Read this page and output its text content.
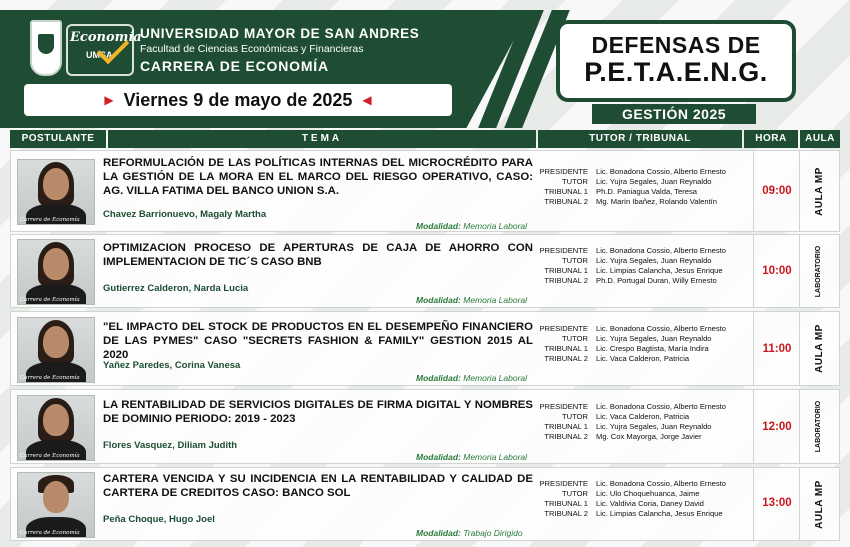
Economía
UMSA
UNIVERSIDAD MAYOR DE SAN ANDRES
Facultad de Ciencias Económicas y Financieras
CARRERA DE ECONOMÍA
▶ Viernes 9 de mayo de 2025 ◀
DEFENSAS DE
P.E.T.A.E.N.G.
GESTIÓN 2025
POSTULANTE	TEMA	TUTOR / TRIBUNAL	HORA	AULA
Carrera de Economía
REFORMULACIÓN DE LAS POLÍTICAS INTERNAS DEL MICROCRÉDITO PARA LA GESTIÓN DE LA MORA EN EL MARCO DEL RIESGO OPERATIVO, CASO: AG. VILLA FATIMA DEL BANCO UNION S.A.
Chavez Barrionuevo, Magaly Martha
Modalidad: Memoria Laboral
PRESIDENTE	Lic. Bonadona Cossio, Alberto Ernesto
TUTOR	Lic. Yujra Segales, Juan Reynaldo
TRIBUNAL 1	Ph.D. Paniagua Valda, Teresa
TRIBUNAL 2	Mg. Marín Ibañez, Rolando Valentín
09:00	AULA MP
Carrera de Economía
OPTIMIZACION PROCESO DE APERTURAS DE CAJA DE AHORRO CON IMPLEMENTACION DE TIC´S CASO BNB
Gutierrez Calderon, Narda Lucia
Modalidad: Memoria Laboral
PRESIDENTE	Lic. Bonadona Cossio, Alberto Ernesto
TUTOR	Lic. Yujra Segales, Juan Reynaldo
TRIBUNAL 1	Lic. Limpias Calancha, Jesus Enrique
TRIBUNAL 2	Ph.D. Portugal Duran, Willy Ernesto
10:00	LABORATORIO
Carrera de Economía
"EL IMPACTO DEL STOCK DE PRODUCTOS EN EL DESEMPEÑO FINANCIERO DE LAS PYMES" CASO "SECRETS FASHION & FAMILY" GESTION 2015 AL 2020
Yañez Paredes, Corina Vanesa
Modalidad: Memoria Laboral
PRESIDENTE	Lic. Bonadona Cossio, Alberto Ernesto
TUTOR	Lic. Yujra Segales, Juan Reynaldo
TRIBUNAL 1	Lic. Crespo Bagtista, María Indira
TRIBUNAL 2	Lic. Vaca Calderon, Patricia
11:00	AULA MP
Carrera de Economía
LA RENTABILIDAD DE SERVICIOS DIGITALES DE FIRMA DIGITAL Y NOMBRES DE DOMINIO PERIODO: 2019 - 2023
Flores Vasquez, Diliam Judith
Modalidad: Memoria Laboral
PRESIDENTE	Lic. Bonadona Cossio, Alberto Ernesto
TUTOR	Lic. Vaca Calderon, Patricia
TRIBUNAL 1	Lic. Yujra Segales, Juan Reynaldo
TRIBUNAL 2	Mg. Cox Mayorga, Jorge Javier
12:00	LABORATORIO
Carrera de Economía
CARTERA VENCIDA Y SU INCIDENCIA EN LA RENTABILIDAD Y CALIDAD DE CARTERA DE CREDITOS CASO: BANCO SOL
Peña Choque, Hugo Joel
Modalidad: Trabajo Dirigido
PRESIDENTE	Lic. Bonadona Cossio, Alberto Ernesto
TUTOR	Lic. Ulo Choquehuanca, Jaime
TRIBUNAL 1	Lic. Valdivia Coria, Daney David
TRIBUNAL 2	Lic. Limpias Calancha, Jesus Enrique
13:00	AULA MP
